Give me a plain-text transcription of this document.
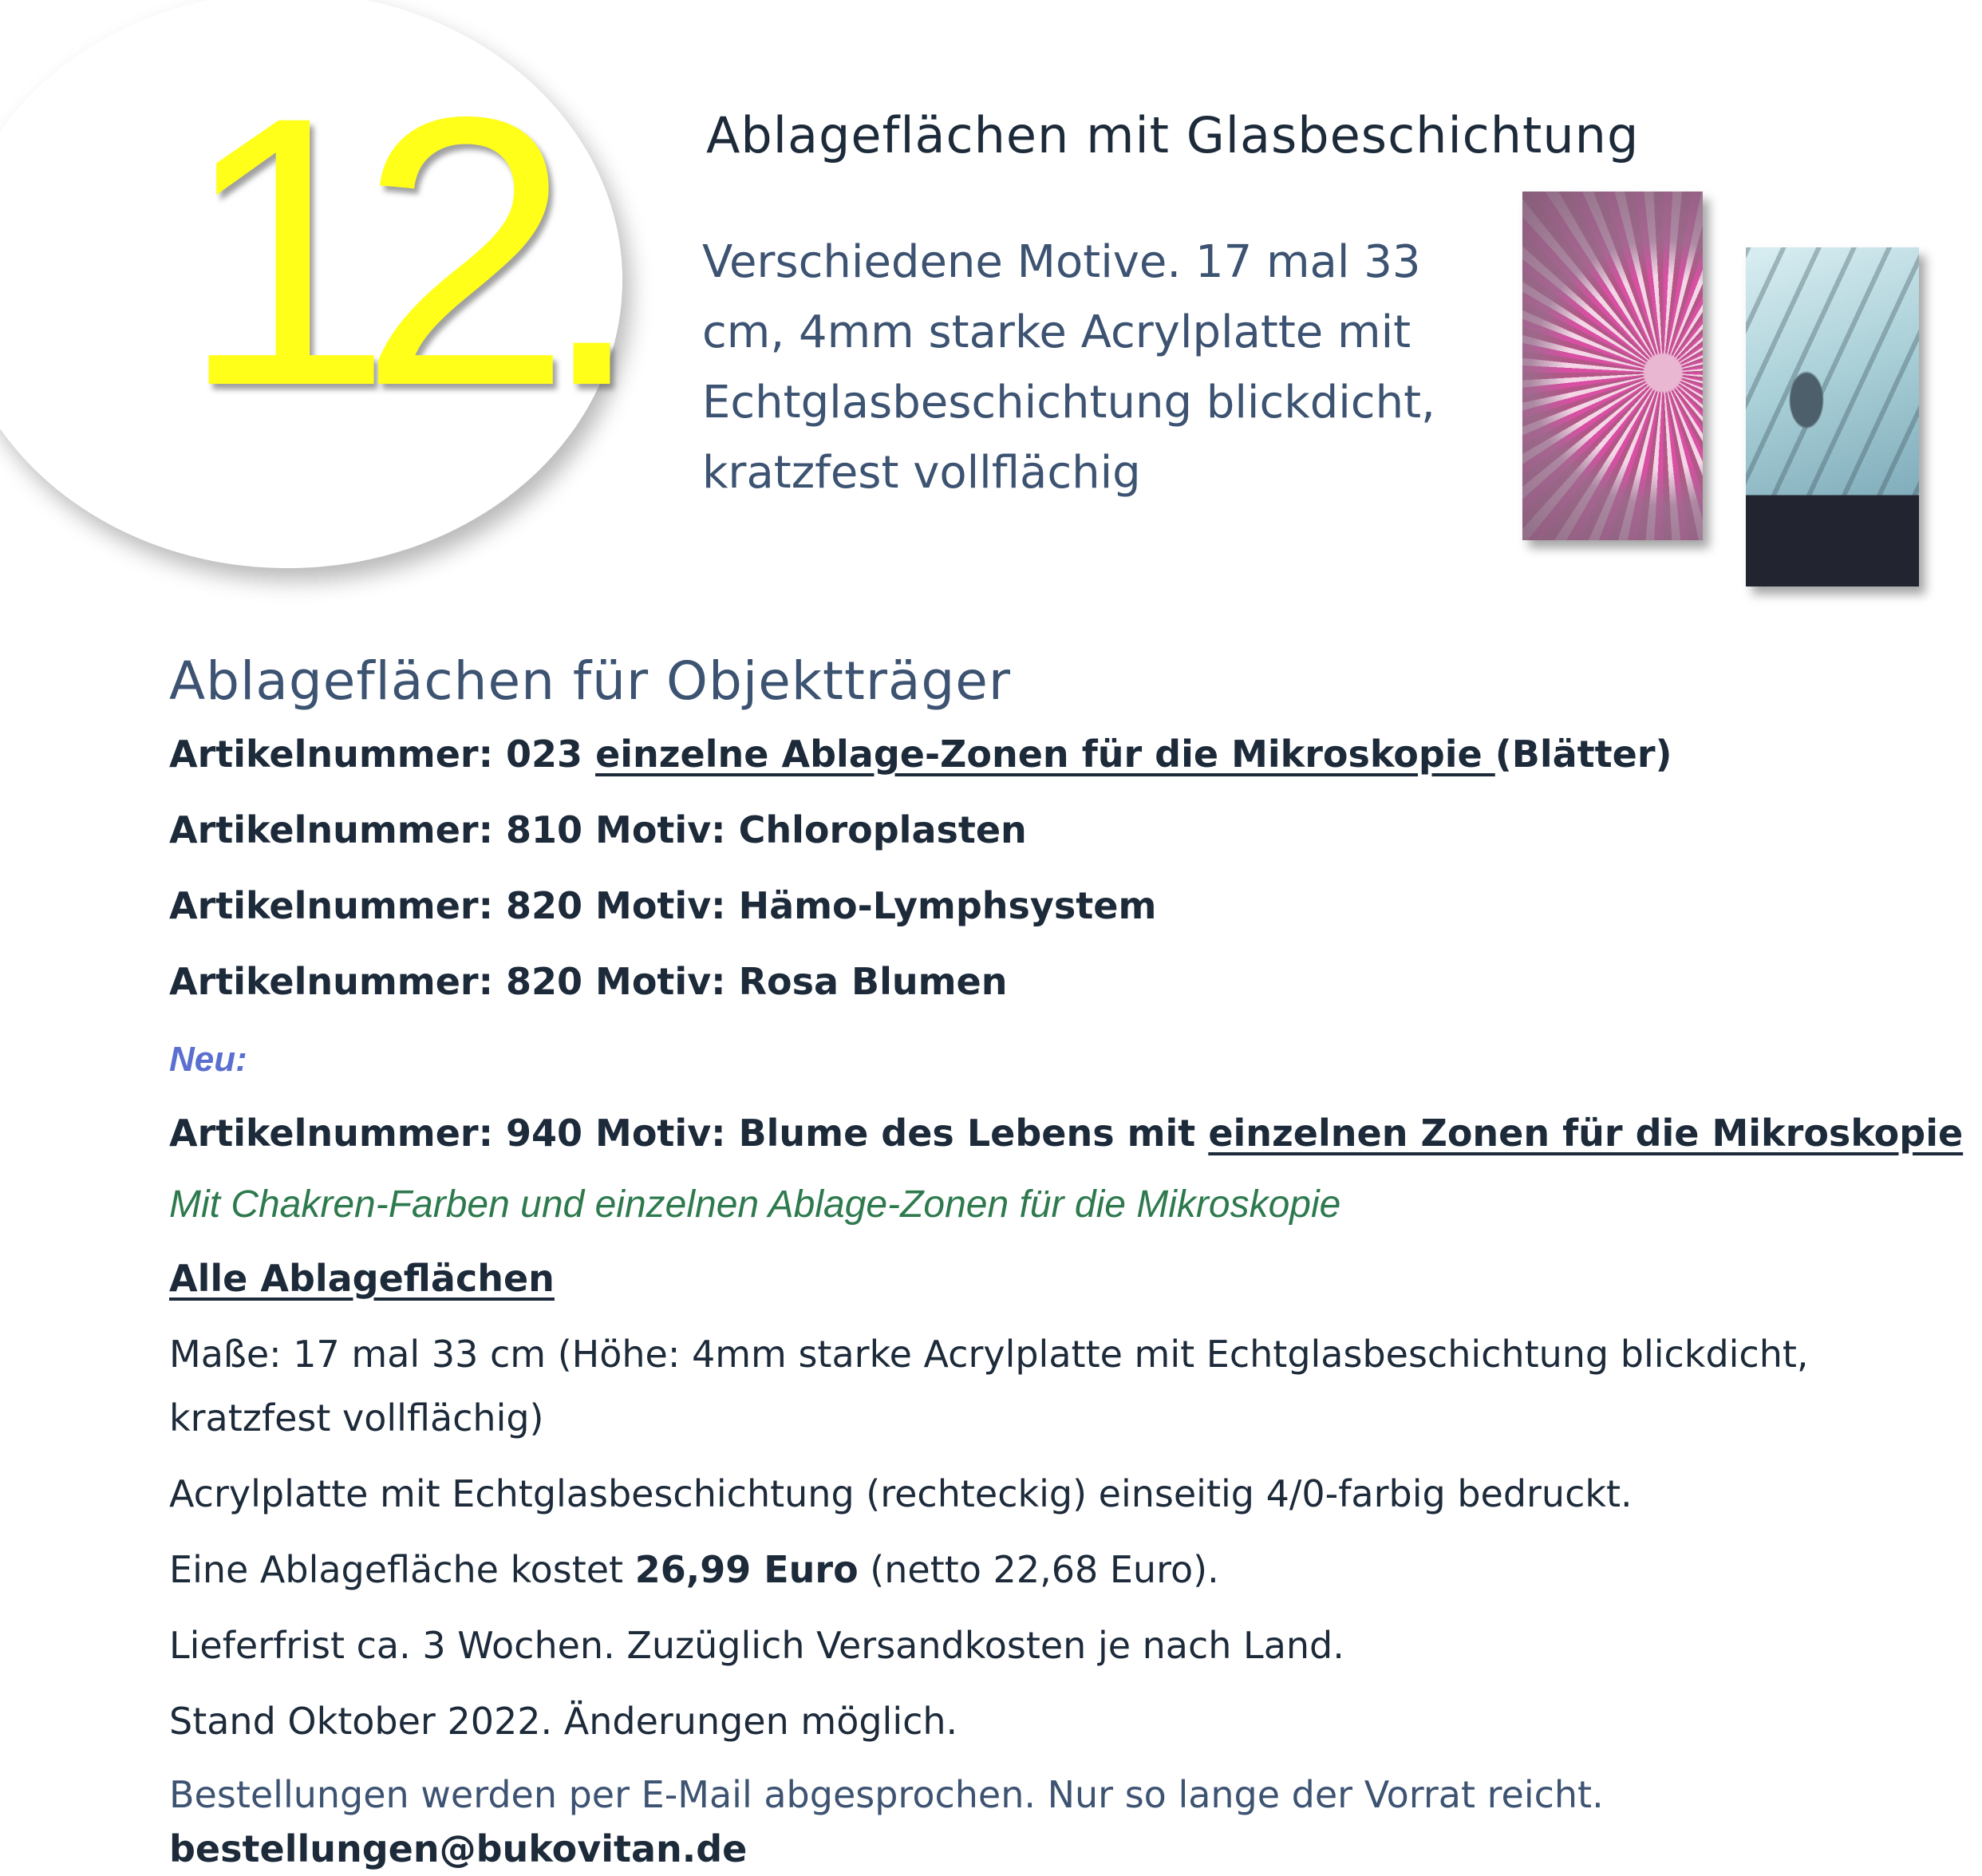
12. Ablageflächen mit Glasbeschichtung
Verschiedene Motive. 17 mal 33
cm, 4mm starke Acrylplatte mit
Echtglasbeschichtung blickdicht,
kratzfest vollflächig
Ablageflächen für Objektträger
Artikelnummer: 023 einzelne Ablage-Zonen für die Mikroskopie (Blätter)
Artikelnummer: 810 Motiv: Chloroplasten
Artikelnummer: 820 Motiv: Hämo-Lymphsystem
Artikelnummer: 820 Motiv: Rosa Blumen
Neu:
Artikelnummer: 940 Motiv: Blume des Lebens mit einzelnen Zonen für die Mikroskopie
Mit Chakren-Farben und einzelnen Ablage-Zonen für die Mikroskopie
Alle Ablageflächen
Maße: 17 mal 33 cm (Höhe: 4mm starke Acrylplatte mit Echtglasbeschichtung blickdicht,
kratzfest vollflächig)
Acrylplatte mit Echtglasbeschichtung (rechteckig) einseitig 4/0-farbig bedruckt.
Eine Ablagefläche kostet 26,99 Euro (netto 22,68 Euro).
Lieferfrist ca. 3 Wochen. Zuzüglich Versandkosten je nach Land.
Stand Oktober 2022. Änderungen möglich.
Bestellungen werden per E-Mail abgesprochen. Nur so lange der Vorrat reicht.
bestellungen@bukovitan.de
